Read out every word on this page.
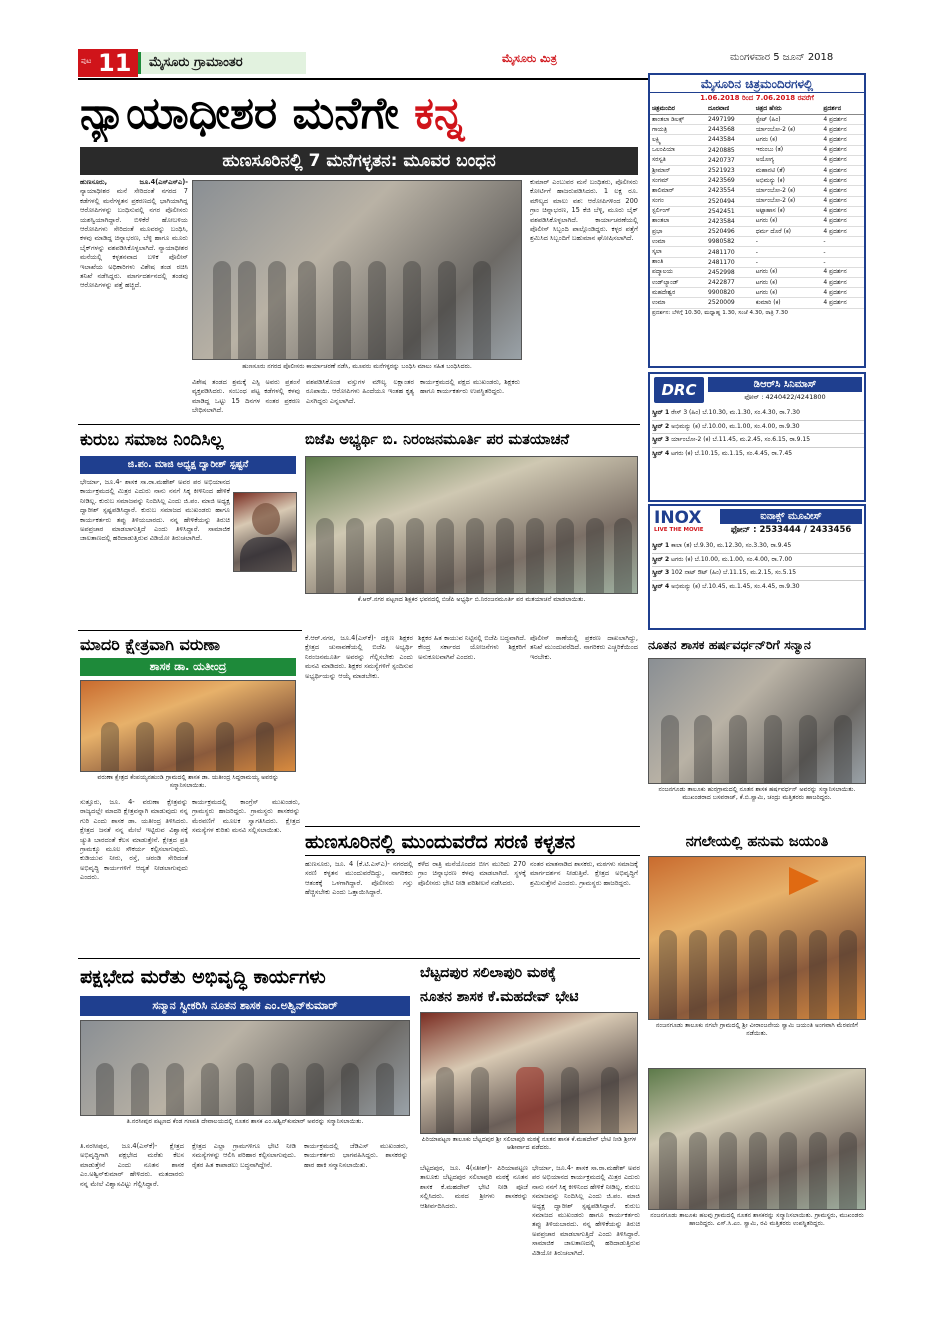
ಪುಟ 11 ಮೈಸೂರು ಗ್ರಾಮಾಂತರ	ಮೈಸೂರು ಮಿತ್ರ	ಮಂಗಳವಾರ 5 ಜೂನ್ 2018
ನ್ಯಾಯಾಧೀಶರ ಮನೆಗೇ ಕನ್ನ
ಹುಣಸೂರಿನಲ್ಲಿ 7 ಮನೆಗಳ್ಳತನ: ಮೂವರ ಬಂಧನ
ಹುಣಸೂರು, ಜೂ.4(ಎಸ್‌ಎಸ್‌ಎ)- ನ್ಯಾಯಾಧೀಶರ ಮನೆ ಸೇರಿದಂತೆ ನಗರದ 7 ಕಡೆಗಳಲ್ಲಿ ಮನೆಗಳ್ಳತನ ಪ್ರಕರಣದಲ್ಲಿ ಭಾಗಿಯಾಗಿದ್ದ ಆರೋಪಿಗಳನ್ನು ಬಂಧಿಸುವಲ್ಲಿ ನಗರ ಪೊಲೀಸರು ಯಶಸ್ವಿಯಾಗಿದ್ದಾರೆ. ಬಿಳಿಕೆರೆ ಹೋಬಳಿಯ ಆರೋಪಿಗಳು ಸೇರಿದಂತೆ ಮೂವರನ್ನು ಬಂಧಿಸಿ, ಕಳವು ಮಾಡಿದ್ದ ಚಿನ್ನಾಭರಣ, ಬೆಳ್ಳಿ ಹಾಗೂ ಮೂರು ಬೈಕ್‌ಗಳನ್ನು ವಶಪಡಿಸಿಕೊಳ್ಳಲಾಗಿದೆ. ನ್ಯಾಯಾಧೀಶರ ಮನೆಯಲ್ಲಿ ಕಳ್ಳತನವಾದ ಬಳಿಕ ಪೊಲೀಸ್ ಇಲಾಖೆಯ ಅಧಿಕಾರಿಗಳು ವಿಶೇಷ ತಂಡ ರಚಿಸಿ ತನಿಖೆ ನಡೆಸಿದ್ದರು. ಮಾರ್ಗದರ್ಶನದಲ್ಲಿ ತಂಡವು ಆರೋಪಿಗಳನ್ನು ಪತ್ತೆ ಹಚ್ಚಿದೆ.
ಹುಣಸೂರು ನಗರದ ಪೊಲೀಸರು ಕಾರ್ಯಾಚರಣೆ ನಡೆಸಿ, ಮೂವರು ಮನೆಗಳ್ಳರನ್ನು ಬಂಧಿಸಿ ಮಾಲು ಸಹಿತ ಬಂಧಿಸಿದರು.
ಕುಮಾರ್ ಎಂಬುವರ ಮನೆ ಬಂಧಿತರು, ಪೊಲೀಸರು ಕೋರ್ಟಿಗೆ ಹಾಜರುಪಡಿಸಿದರು. 1 ಲಕ್ಷ ರೂ. ಮೌಲ್ಯದ ಮಾಲು ವಶ: ಆರೋಪಿಗಳಿಂದ 200 ಗ್ರಾಂ ಚಿನ್ನಾಭರಣ, 15 ಕೆಜಿ ಬೆಳ್ಳಿ, ಮೂರು ಬೈಕ್ ವಶಪಡಿಸಿಕೊಳ್ಳಲಾಗಿದೆ. ಕಾರ್ಯಾಚರಣೆಯಲ್ಲಿ ಪೊಲೀಸ್ ಸಿಬ್ಬಂದಿ ಪಾಲ್ಗೊಂಡಿದ್ದರು. ಕಳ್ಳರ ಪತ್ತೆಗೆ ಶ್ರಮಿಸಿದ ಸಿಬ್ಬಂದಿಗೆ ಬಹುಮಾನ ಘೋಷಿಸಲಾಗಿದೆ.
ವಿಶೇಷ ತಂಡದ ಶ್ರಮಕ್ಕೆ ಎಸ್ಪಿ ಅವರು ಪ್ರಶಂಸೆ ವ್ಯಕ್ತಪಡಿಸಿದರು. ಸಂಬಂಧ ಪಟ್ಟ ಕಡೆಗಳಲ್ಲಿ ಕಳವು ಮಾಡಿದ್ದ ಒಟ್ಟು 15 ದಿನಗಳ ನಂತರ ಪ್ರಕರಣ ಬೇಧಿಸಲಾಗಿದೆ.
ವಶಪಡಿಸಿಕೊಂಡ ವಸ್ತುಗಳ ಮೌಲ್ಯ ಲಕ್ಷಾಂತರ ರೂಪಾಯಿ. ಆರೋಪಿಗಳು ಹಿಂದೆಯೂ ಇಂತಹ ಕೃತ್ಯ ಎಸಗಿದ್ದರು ಎನ್ನಲಾಗಿದೆ.
ಕಾರ್ಯಕ್ರಮದಲ್ಲಿ ಪಕ್ಷದ ಮುಖಂಡರು, ಶಿಕ್ಷಕರು ಹಾಗೂ ಕಾರ್ಯಕರ್ತರು ಉಪಸ್ಥಿತರಿದ್ದರು.
ಮೈಸೂರಿನ ಚಿತ್ರಮಂದಿರಗಳಲ್ಲಿ
1.06.2018 ರಿಂದ 7.06.2018 ರವರೆಗೆ
ಚಿತ್ರಮಂದಿರ	ದೂರವಾಣಿ	ಚಿತ್ರದ ಹೆಸರು	ಪ್ರದರ್ಶನ
ಶಾಂತಲಾ ಡಿಲಕ್ಸ್	2497199	ಸ್ಟೇಟ್ (ಹಿಂ)	4 ಪ್ರದರ್ಶನ
ಗಾಯತ್ರಿ	2443568	ರ್ಯಾಂಬೋ-2 (ಕ)	4 ಪ್ರದರ್ಶನ
ಲಕ್ಷ್ಮಿ	2443584	ಟಗರು (ಕ)	4 ಪ್ರದರ್ಶನ
ಒಲಂಪಿಯಾ	2420885	ಇರುಂಬು (ತ)	4 ಪ್ರದರ್ಶನ
ಸರಸ್ವತಿ	2420737	ಅಯೋಗ್ಯ	4 ಪ್ರದರ್ಶನ
ಶ್ರೀಮಾನ್	2521923	ಮಹಾನಟಿ (ತೆ)	4 ಪ್ರದರ್ಶನ
ಸಂಗಮ್	2423569	ಅಭಿಮನ್ಯು (ಕ)	4 ಪ್ರದರ್ಶನ
ಶಾಲಿಮಾರ್	2423554	ರ್ಯಾಂಬೋ-2 (ಕ)	4 ಪ್ರದರ್ಶನ
ಸಂಗಂ	2520494	ರ್ಯಾಂಬೋ-2 (ಕ)	4 ಪ್ರದರ್ಶನ
ಸ್ಟರ್ಲಿಂಗ್	2542451	ಅಟ್ಟಾಹಾಸ (ಕ)	4 ಪ್ರದರ್ಶನ
ಶಾಂತಲಾ	2423584	ಟಗರು (ಕ)	4 ಪ್ರದರ್ಶನ
ಪ್ರಭಾ	2520496	ಧರ್ಮ ದೊರೆ (ಕ)	4 ಪ್ರದರ್ಶನ
ಉಮಾ	9980582	-	-
ಸ್ಕಲಾ	2481170	-	-
ಶಾಂತಿ	2481170	-	-
ಪದ್ಮಾಲಯ	2452998	ಟಗರು (ಕ)	4 ಪ್ರದರ್ಶನ
ಉಡ್‌ಲ್ಯಾಂಡ್	2422877	ಟಗರು (ಕ)	4 ಪ್ರದರ್ಶನ
ಮಹದೇಶ್ವರ	9900820	ಟಗರು (ಕ)	4 ಪ್ರದರ್ಶನ
ಉಮಾ	2520009	ಕುಮಾರಿ (ಕ)	4 ಪ್ರದರ್ಶನ
ಪ್ರದರ್ಶನ: ಬೆಳಿಗ್ಗೆ 10.30, ಮಧ್ಯಾಹ್ನ 1.30, ಸಂಜೆ 4.30, ರಾತ್ರಿ 7.30
DRC	ಡಿಆರ್‌ಸಿ ಸಿನಿಮಾಸ್
ಫೋನ್ : 4240422/4241800
ಸ್ಕ್ರೀನ್ 1 ರೇಸ್ 3 (ಹಿಂ) ಬೆ.10.30, ಮ.1.30, ಸಂ.4.30, ರಾ.7.30
ಸ್ಕ್ರೀನ್ 2 ಅಭಿಮನ್ಯು (ಕ) ಬೆ.10.00, ಮ.1.00, ಸಂ.4.00, ರಾ.9.30
ಸ್ಕ್ರೀನ್ 3 ರ್ಯಾಂಬೋ-2 (ಕ) ಬೆ.11.45, ಮ.2.45, ಸಂ.6.15, ರಾ.9.15
ಸ್ಕ್ರೀನ್ 4 ಟಗರು (ಕ) ಬೆ.10.15, ಮ.1.15, ಸಂ.4.45, ರಾ.7.45
INOX
LIVE THE MOVIE
ಐನಾಕ್ಸ್ ಮೂವೀಸ್
ಫೋನ್ : 2533444 / 2433456
ಸ್ಕ್ರೀನ್ 1 ಕಾಲಾ (ತ) ಬೆ.9.30, ಮ.12.30, ಸಂ.3.30, ರಾ.9.45
ಸ್ಕ್ರೀನ್ 2 ಟಗರು (ಕ) ಬೆ.10.00, ಮ.1.00, ಸಂ.4.00, ರಾ.7.00
ಸ್ಕ್ರೀನ್ 3 102 ನಾಟ್ ಔಟ್ (ಹಿಂ) ಬೆ.11.15, ಮ.2.15, ಸಂ.5.15
ಸ್ಕ್ರೀನ್ 4 ಅಭಿಮನ್ಯು (ಕ) ಬೆ.10.45, ಮ.1.45, ಸಂ.4.45, ರಾ.9.30
ಕುರುಬ ಸಮಾಜ ನಿಂದಿಸಿಲ್ಲ
ಜಿ.ಪಂ. ಮಾಜಿ ಅಧ್ಯಕ್ಷ ದ್ವಾರೀಶ್ ಸ್ಪಷ್ಟನೆ
ಭೇರ್ಯಾ, ಜೂ.4- ಶಾಸಕ ಸಾ.ರಾ.ಮಹೇಶ್ ಅವರ ಪರ ಅಭಿಯಾನದ ಕಾರ್ಯಕ್ರಮದಲ್ಲಿ ಮಿತ್ರರ ಎದುರು ನಾನು ನನಗೆ ಸಿಕ್ಕ ಕೀಳಿನಿಂದ ಹೇಳಿಕೆ ನೀಡಿಲ್ಲ. ಕುರುಬ ಸಮಾಜವನ್ನು ನಿಂದಿಸಿಲ್ಲ ಎಂದು ಜಿ.ಪಂ. ಮಾಜಿ ಅಧ್ಯಕ್ಷ ದ್ವಾರೀಶ್ ಸ್ಪಷ್ಟಪಡಿಸಿದ್ದಾರೆ. ಕುರುಬ ಸಮಾಜದ ಮುಖಂಡರು ಹಾಗೂ ಕಾರ್ಯಕರ್ತರು ತಪ್ಪು ತಿಳಿಯಬಾರದು. ನನ್ನ ಹೇಳಿಕೆಯನ್ನು ತಿರುಚಿ ಅಪಪ್ರಚಾರ ಮಾಡಲಾಗುತ್ತಿದೆ ಎಂದು ತಿಳಿಸಿದ್ದಾರೆ. ಸಾಮಾಜಿಕ ಜಾಲತಾಣದಲ್ಲಿ ಹರಿದಾಡುತ್ತಿರುವ ವಿಡಿಯೋ ತಿರುಚಲಾಗಿದೆ.
ಬಿಜೆಪಿ ಅಭ್ಯರ್ಥಿ ಬಿ. ನಿರಂಜನಮೂರ್ತಿ ಪರ ಮತಯಾಚನೆ
ಕೆ.ಆರ್.ನಗರ ಪಟ್ಟಣದ ಶಿಕ್ಷಕರ ಭವನದಲ್ಲಿ ಬಿಜೆಪಿ ಅಭ್ಯರ್ಥಿ ಬಿ.ನಿರಂಜನಮೂರ್ತಿ ಪರ ಮತಯಾಚನೆ ಮಾಡಲಾಯಿತು.
ಮಾದರಿ ಕ್ಷೇತ್ರವಾಗಿ ವರುಣಾ
ಶಾಸಕ ಡಾ. ಯತೀಂದ್ರ
ವರುಣಾ ಕ್ಷೇತ್ರದ ಕೆಂಪಯ್ಯನಹುಂಡಿ ಗ್ರಾಮದಲ್ಲಿ ಶಾಸಕ ಡಾ. ಯತೀಂದ್ರ ಸಿದ್ದರಾಮಯ್ಯ ಅವರನ್ನು ಸನ್ಮಾನಿಸಲಾಯಿತು.
ಸುತ್ತೂರು, ಜೂ. 4- ವರುಣಾ ಕ್ಷೇತ್ರವನ್ನು ರಾಜ್ಯದಲ್ಲೇ ಮಾದರಿ ಕ್ಷೇತ್ರವನ್ನಾಗಿ ಮಾಡುವುದು ನನ್ನ ಗುರಿ ಎಂದು ಶಾಸಕ ಡಾ. ಯತೀಂದ್ರ ತಿಳಿಸಿದರು. ಕ್ಷೇತ್ರದ ಜನತೆ ನನ್ನ ಮೇಲೆ ಇಟ್ಟಿರುವ ವಿಶ್ವಾಸಕ್ಕೆ ಚ್ಯುತಿ ಬಾರದಂತೆ ಕೆಲಸ ಮಾಡುತ್ತೇನೆ. ಕ್ಷೇತ್ರದ ಪ್ರತಿ ಗ್ರಾಮಕ್ಕೂ ಮೂಲ ಸೌಕರ್ಯ ಕಲ್ಪಿಸಲಾಗುವುದು. ಕುಡಿಯುವ ನೀರು, ರಸ್ತೆ, ಚರಂಡಿ ಸೇರಿದಂತೆ ಅಭಿವೃದ್ಧಿ ಕಾರ್ಯಗಳಿಗೆ ಆದ್ಯತೆ ನೀಡಲಾಗುವುದು ಎಂದರು.
ಕಾರ್ಯಕ್ರಮದಲ್ಲಿ ಕಾಂಗ್ರೆಸ್ ಮುಖಂಡರು, ಗ್ರಾಮಸ್ಥರು ಹಾಜರಿದ್ದರು. ಗ್ರಾಮಸ್ಥರು ಶಾಸಕರನ್ನು ಮೆರವಣಿಗೆ ಮೂಲಕ ಸ್ವಾಗತಿಸಿದರು. ಕ್ಷೇತ್ರದ ಸಮಸ್ಯೆಗಳ ಕುರಿತು ಮನವಿ ಸಲ್ಲಿಸಲಾಯಿತು.
ಕೆ.ಆರ್.ನಗರ, ಜೂ.4(ಎಸ್‌ಕೆ)- ದಕ್ಷಿಣ ಶಿಕ್ಷಕರ ಕ್ಷೇತ್ರದ ಚುನಾವಣೆಯಲ್ಲಿ ಬಿಜೆಪಿ ಅಭ್ಯರ್ಥಿ ನಿರಂಜನಮೂರ್ತಿ ಅವರನ್ನು ಗೆಲ್ಲಿಸಬೇಕು ಎಂದು ಮನವಿ ಮಾಡಿದರು. ಶಿಕ್ಷಕರ ಸಮಸ್ಯೆಗಳಿಗೆ ಸ್ಪಂದಿಸುವ ಅಭ್ಯರ್ಥಿಯನ್ನು ಆಯ್ಕೆ ಮಾಡಬೇಕು.
ಶಿಕ್ಷಕರ ಹಿತ ಕಾಯುವ ನಿಟ್ಟಿನಲ್ಲಿ ಬಿಜೆಪಿ ಬದ್ಧವಾಗಿದೆ. ಕೇಂದ್ರ ಸರ್ಕಾರದ ಯೋಜನೆಗಳು ಶಿಕ್ಷಕರಿಗೆ ಅನುಕೂಲವಾಗಿವೆ ಎಂದರು.
ಪೊಲೀಸ್ ಠಾಣೆಯಲ್ಲಿ ಪ್ರಕರಣ ದಾಖಲಾಗಿದ್ದು, ತನಿಖೆ ಮುಂದುವರೆದಿದೆ. ನಾಗರಿಕರು ಎಚ್ಚರಿಕೆಯಿಂದ ಇರಬೇಕು.
ಹುಣಸೂರಿನಲ್ಲಿ ಮುಂದುವರೆದ ಸರಣಿ ಕಳ್ಳತನ
ಹುಣಸೂರು, ಜೂ. 4 (ಕೆ.ಟಿ.ಎಸ್‌ಎ)- ನಗರದಲ್ಲಿ ಸರಣಿ ಕಳ್ಳತನ ಮುಂದುವರೆದಿದ್ದು, ನಾಗರಿಕರು ಆತಂಕಕ್ಕೆ ಒಳಗಾಗಿದ್ದಾರೆ. ಪೊಲೀಸರು ಗಸ್ತು ಹೆಚ್ಚಿಸಬೇಕು ಎಂದು ಒತ್ತಾಯಿಸಿದ್ದಾರೆ.
ಕಳೆದ ರಾತ್ರಿ ಮನೆಯೊಂದರ ಬೀಗ ಮುರಿದು 270 ಗ್ರಾಂ ಚಿನ್ನಾಭರಣ ಕಳವು ಮಾಡಲಾಗಿದೆ. ಸ್ಥಳಕ್ಕೆ ಪೊಲೀಸರು ಭೇಟಿ ನೀಡಿ ಪರಿಶೀಲನೆ ನಡೆಸಿದರು.
ನಂತರ ಮಾತನಾಡಿದ ಶಾಸಕರು, ಮಠಗಳು ಸಮಾಜಕ್ಕೆ ಮಾರ್ಗದರ್ಶನ ನೀಡುತ್ತಿವೆ. ಕ್ಷೇತ್ರದ ಅಭಿವೃದ್ಧಿಗೆ ಶ್ರಮಿಸುತ್ತೇನೆ ಎಂದರು. ಗ್ರಾಮಸ್ಥರು ಹಾಜರಿದ್ದರು.
ನೂತನ ಶಾಸಕ ಹರ್ಷವರ್ಧನ್‌ರಿಗೆ ಸನ್ಮಾನ
ನಂಜನಗೂಡು ತಾಲೂಕು ಹುರಗ್ರಾಮದಲ್ಲಿ ನೂತನ ಶಾಸಕ ಹರ್ಷವರ್ಧನ್ ಅವರನ್ನು ಸನ್ಮಾನಿಸಲಾಯಿತು. ಮುಖಂಡರಾದ ಬಸವರಾಜ್, ಕೆ.ಬಿ.ಸ್ವಾಮಿ, ಚಂದ್ರು ಮತ್ತಿತರರು ಹಾಜರಿದ್ದರು.
ನಗಲೇಯಲ್ಲಿ ಹನುಮ ಜಯಂತಿ
ನಂಜನಗೂಡು ತಾಲೂಕು ನಗಲೇ ಗ್ರಾಮದಲ್ಲಿ ಶ್ರೀ ವೀರಾಂಜನೇಯ ಸ್ವಾಮಿ ಜಯಂತಿ ಅಂಗವಾಗಿ ಮೆರವಣಿಗೆ ನಡೆಯಿತು.
ನಂಜನಗೂಡು ತಾಲೂಕು ಹಲವು ಗ್ರಾಮದಲ್ಲಿ ನೂತನ ಶಾಸಕರನ್ನು ಸನ್ಮಾನಿಸಲಾಯಿತು. ಗ್ರಾಮಸ್ಥರು, ಮುಖಂಡರು ಹಾಜರಿದ್ದರು. ಎಸ್.ಸಿ.ಎಂ. ಸ್ವಾಮಿ, ರವಿ ಮತ್ತಿತರರು ಉಪಸ್ಥಿತರಿದ್ದರು.
ಪಕ್ಷಭೇದ ಮರೆತು ಅಭಿವೃದ್ಧಿ ಕಾರ್ಯಗಳು
ಸನ್ಮಾನ ಸ್ವೀಕರಿಸಿ ನೂತನ ಶಾಸಕ ಎಂ.ಅಶ್ವಿನ್‌ಕುಮಾರ್
ತಿ.ನರಸೀಪುರ ಪಟ್ಟಣದ ಕೆಂಡ ಗಣಪತಿ ದೇವಾಲಯದಲ್ಲಿ ನೂತನ ಶಾಸಕ ಎಂ.ಅಶ್ವಿನ್‌ಕುಮಾರ್ ಅವರನ್ನು ಸನ್ಮಾನಿಸಲಾಯಿತು.
ತಿ.ನರಸೀಪುರ, ಜೂ.4(ಎಸ್‌ಕೆ)- ಕ್ಷೇತ್ರದ ಅಭಿವೃದ್ಧಿಗಾಗಿ ಪಕ್ಷಭೇದ ಮರೆತು ಕೆಲಸ ಮಾಡುತ್ತೇನೆ ಎಂದು ನೂತನ ಶಾಸಕ ಎಂ.ಅಶ್ವಿನ್‌ಕುಮಾರ್ ಹೇಳಿದರು. ಮತದಾರರು ನನ್ನ ಮೇಲೆ ವಿಶ್ವಾಸವಿಟ್ಟು ಗೆಲ್ಲಿಸಿದ್ದಾರೆ.
ಕ್ಷೇತ್ರದ ಎಲ್ಲಾ ಗ್ರಾಮಗಳಿಗೂ ಭೇಟಿ ನೀಡಿ ಸಮಸ್ಯೆಗಳನ್ನು ಆಲಿಸಿ ಪರಿಹಾರ ಕಲ್ಪಿಸಲಾಗುವುದು. ರೈತರ ಹಿತ ಕಾಪಾಡಲು ಬದ್ಧನಾಗಿದ್ದೇನೆ.
ಕಾರ್ಯಕ್ರಮದಲ್ಲಿ ಜೆಡಿಎಸ್ ಮುಖಂಡರು, ಕಾರ್ಯಕರ್ತರು ಭಾಗವಹಿಸಿದ್ದರು. ಶಾಸಕರನ್ನು ಹಾರ ಹಾಕಿ ಸನ್ಮಾನಿಸಲಾಯಿತು.
ಬೆಟ್ಟದಪುರ ಸಲಿಲಾಪುರಿ ಮಠಕ್ಕೆ
ನೂತನ ಶಾಸಕ ಕೆ.ಮಹದೇವ್ ಭೇಟಿ
ಪಿರಿಯಾಪಟ್ಟಣ ತಾಲೂಕು ಬೆಟ್ಟದಪುರ ಶ್ರೀ ಸಲಿಲಾಪುರಿ ಮಠಕ್ಕೆ ನೂತನ ಶಾಸಕ ಕೆ.ಮಹದೇವ್ ಭೇಟಿ ನೀಡಿ ಶ್ರೀಗಳ ಆಶೀರ್ವಾದ ಪಡೆದರು.
ಬೆಟ್ಟದಪುರ, ಜೂ. 4(ಸತೀಶ್)- ಪಿರಿಯಾಪಟ್ಟಣ ತಾಲೂಕು ಬೆಟ್ಟದಪುರ ಸಲಿಲಾಪುರಿ ಮಠಕ್ಕೆ ನೂತನ ಶಾಸಕ ಕೆ.ಮಹದೇವ್ ಭೇಟಿ ನೀಡಿ ಪೂಜೆ ಸಲ್ಲಿಸಿದರು. ಮಠದ ಶ್ರೀಗಳು ಶಾಸಕರನ್ನು ಆಶೀರ್ವದಿಸಿದರು.
ಭೇರ್ಯಾ, ಜೂ.4- ಶಾಸಕ ಸಾ.ರಾ.ಮಹೇಶ್ ಅವರ ಪರ ಅಭಿಯಾನದ ಕಾರ್ಯಕ್ರಮದಲ್ಲಿ ಮಿತ್ರರ ಎದುರು ನಾನು ನನಗೆ ಸಿಕ್ಕ ಕೀಳಿನಿಂದ ಹೇಳಿಕೆ ನೀಡಿಲ್ಲ. ಕುರುಬ ಸಮಾಜವನ್ನು ನಿಂದಿಸಿಲ್ಲ ಎಂದು ಜಿ.ಪಂ. ಮಾಜಿ ಅಧ್ಯಕ್ಷ ದ್ವಾರೀಶ್ ಸ್ಪಷ್ಟಪಡಿಸಿದ್ದಾರೆ. ಕುರುಬ ಸಮಾಜದ ಮುಖಂಡರು ಹಾಗೂ ಕಾರ್ಯಕರ್ತರು ತಪ್ಪು ತಿಳಿಯಬಾರದು. ನನ್ನ ಹೇಳಿಕೆಯನ್ನು ತಿರುಚಿ ಅಪಪ್ರಚಾರ ಮಾಡಲಾಗುತ್ತಿದೆ ಎಂದು ತಿಳಿಸಿದ್ದಾರೆ. ಸಾಮಾಜಿಕ ಜಾಲತಾಣದಲ್ಲಿ ಹರಿದಾಡುತ್ತಿರುವ ವಿಡಿಯೋ ತಿರುಚಲಾಗಿದೆ.
